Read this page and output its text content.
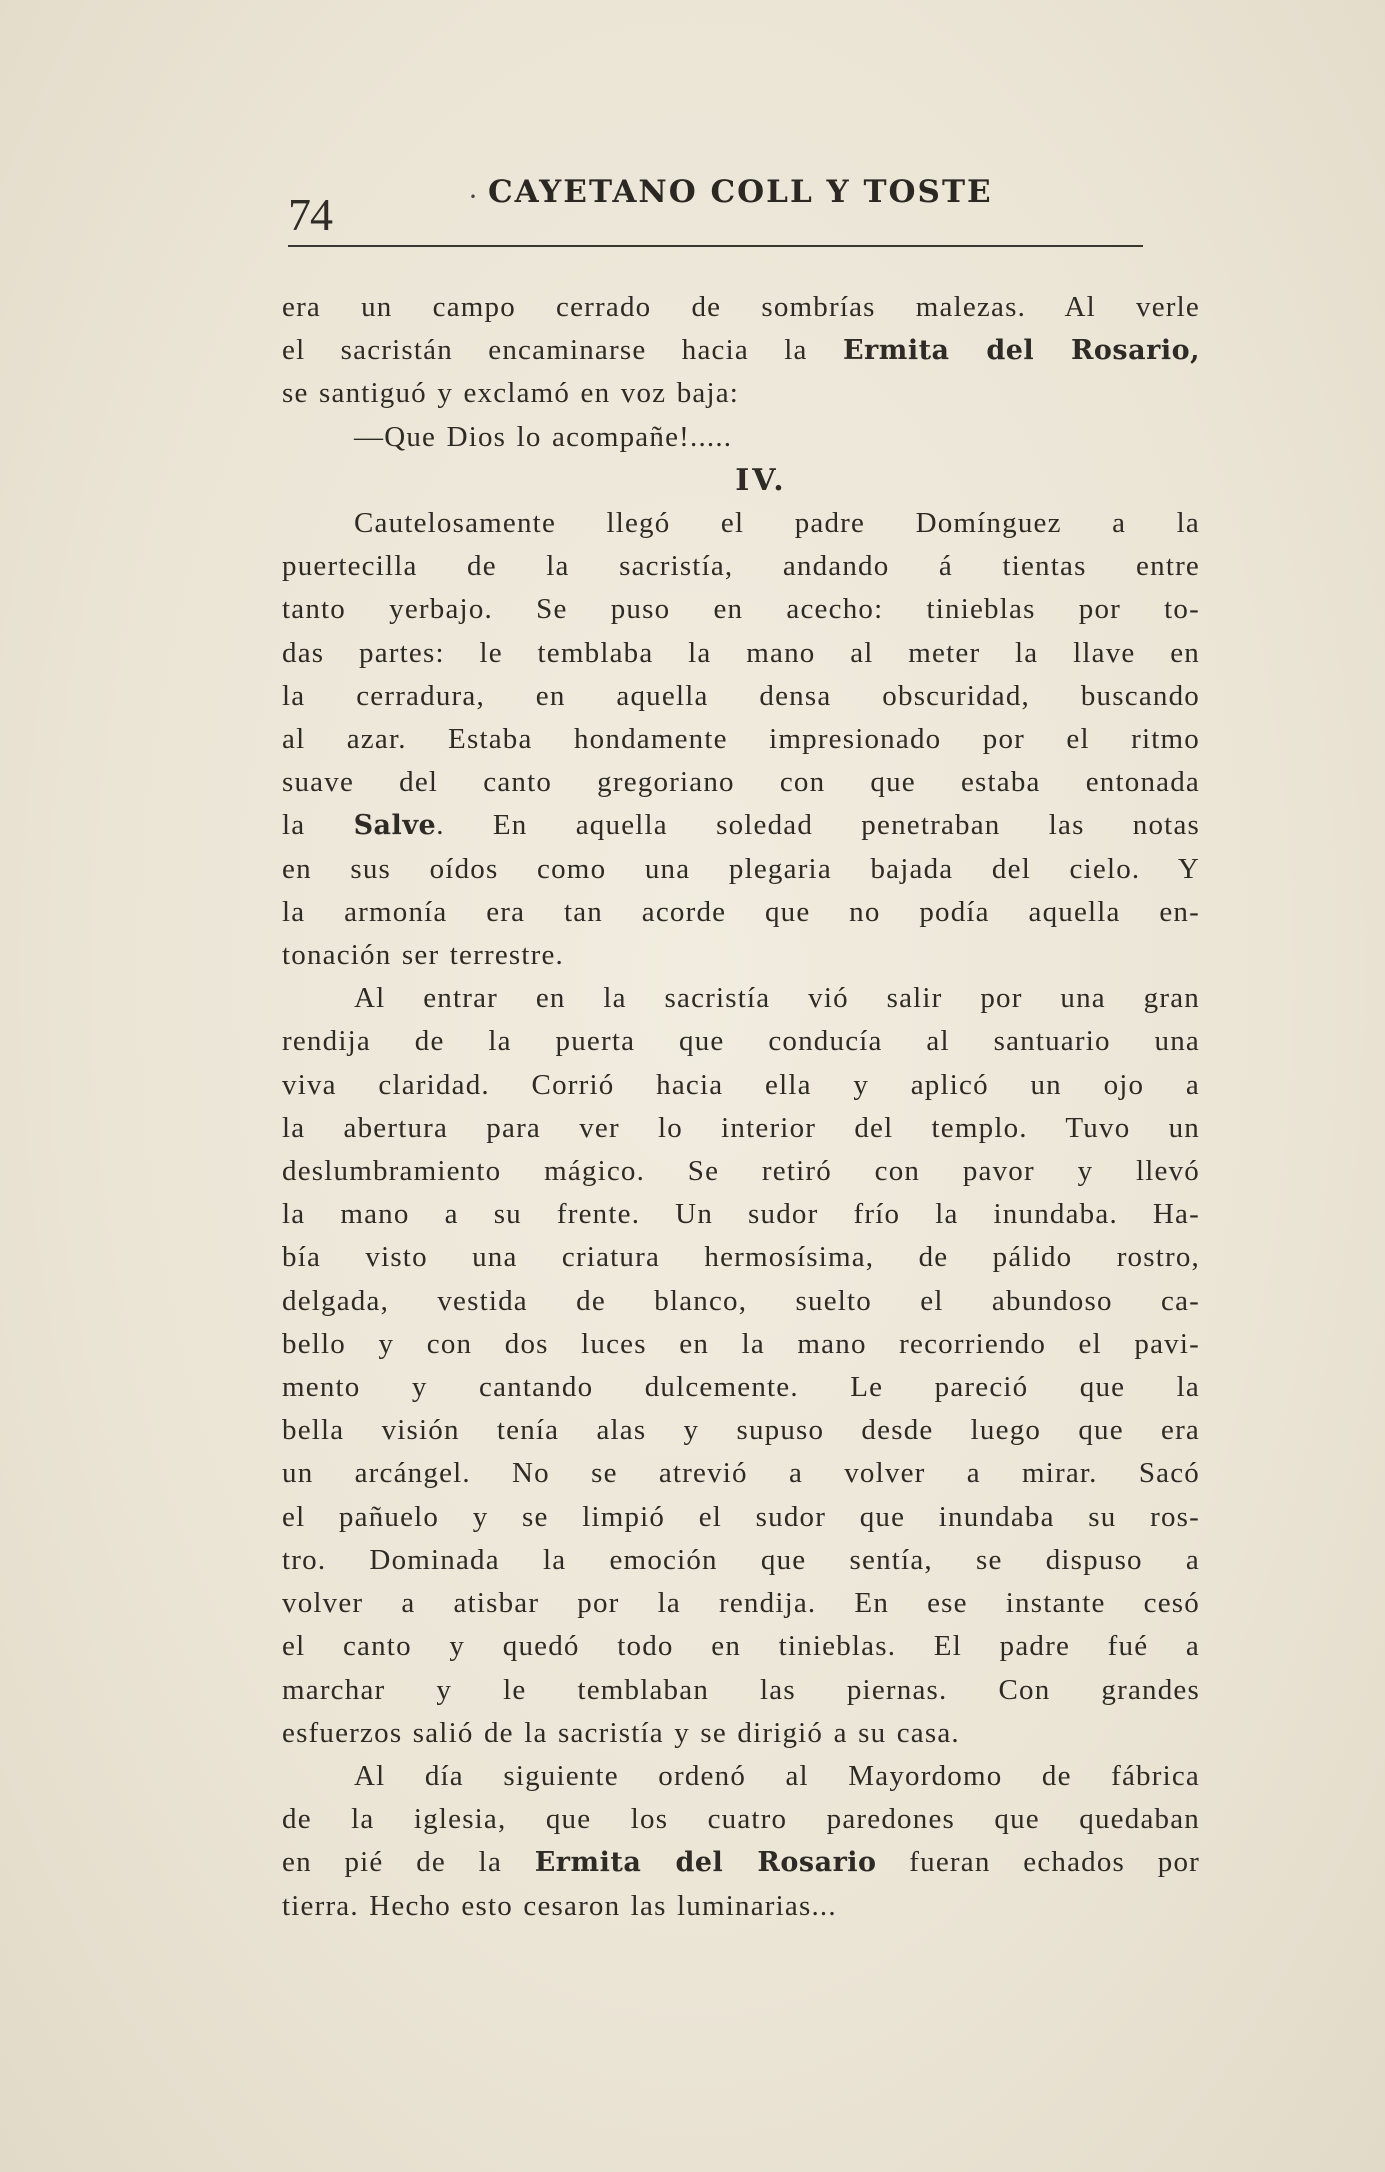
74	· CAYETANO COLL Y TOSTE

era un campo cerrado de sombrías malezas. Al verle

el sacristán encaminarse hacia la Ermita del Rosario,

se santiguó y exclamó en voz baja:

—Que Dios lo acompañe!.....

IV.

Cautelosamente llegó el padre Domínguez a la

puertecilla de la sacristía, andando á tientas entre

tanto yerbajo. Se puso en acecho: tinieblas por to-

das partes: le temblaba la mano al meter la llave en

la cerradura, en aquella densa obscuridad, buscando

al azar. Estaba hondamente impresionado por el ritmo

suave del canto gregoriano con que estaba entonada

la Salve. En aquella soledad penetraban las notas

en sus oídos como una plegaria bajada del cielo. Y

la armonía era tan acorde que no podía aquella en-

tonación ser terrestre.

Al entrar en la sacristía vió salir por una gran

rendija de la puerta que conducía al santuario una

viva claridad. Corrió hacia ella y aplicó un ojo a

la abertura para ver lo interior del templo. Tuvo un

deslumbramiento mágico. Se retiró con pavor y llevó

la mano a su frente. Un sudor frío la inundaba. Ha-

bía visto una criatura hermosísima, de pálido rostro,

delgada, vestida de blanco, suelto el abundoso ca-

bello y con dos luces en la mano recorriendo el pavi-

mento y cantando dulcemente. Le pareció que la

bella visión tenía alas y supuso desde luego que era

un arcángel. No se atrevió a volver a mirar. Sacó

el pañuelo y se limpió el sudor que inundaba su ros-

tro. Dominada la emoción que sentía, se dispuso a

volver a atisbar por la rendija. En ese instante cesó

el canto y quedó todo en tinieblas. El padre fué a

marchar y le temblaban las piernas. Con grandes

esfuerzos salió de la sacristía y se dirigió a su casa.

Al día siguiente ordenó al Mayordomo de fábrica

de la iglesia, que los cuatro paredones que quedaban

en pié de la Ermita del Rosario fueran echados por

tierra. Hecho esto cesaron las luminarias...
